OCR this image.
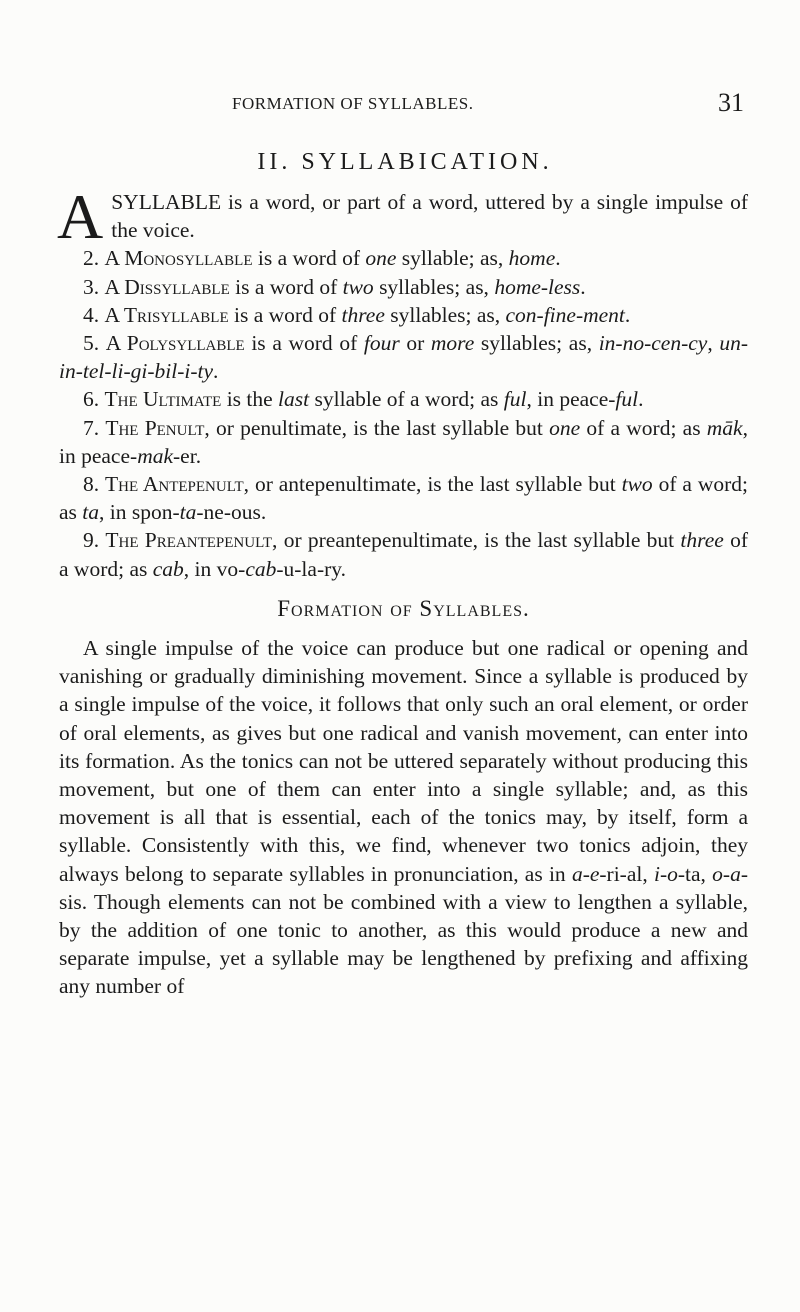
FORMATION OF SYLLABLES.	31
II. SYLLABICATION.

A SYLLABLE is a word, or part of a word, uttered by a single impulse of the voice.

2. A Monosyllable is a word of one syllable; as, home.

3. A Dissyllable is a word of two syllables; as, home-less.

4. A Trisyllable is a word of three syllables; as, con-fine-ment.

5. A Polysyllable is a word of four or more syllables; as, in-no-cen-cy, un-in-tel-li-gi-bil-i-ty.

6. The Ultimate is the last syllable of a word; as ful, in peace-ful.

7. The Penult, or penultimate, is the last syllable but one of a word; as māk, in peace-mak-er.

8. The Antepenult, or antepenultimate, is the last syllable but two of a word; as ta, in spon-ta-ne-ous.

9. The Preantepenult, or preantepenultimate, is the last syllable but three of a word; as cab, in vo-cab-u-la-ry.

Formation of Syllables.

A single impulse of the voice can produce but one radical or opening and vanishing or gradually diminishing movement. Since a syllable is produced by a single impulse of the voice, it follows that only such an oral element, or order of oral elements, as gives but one radical and vanish movement, can enter into its formation. As the tonics can not be uttered separately without producing this movement, but one of them can enter into a single syllable; and, as this movement is all that is essential, each of the tonics may, by itself, form a syllable. Consistently with this, we find, whenever two tonics adjoin, they always belong to separate syllables in pronunciation, as in a-e-ri-al, i-o-ta, o-a-sis. Though elements can not be combined with a view to lengthen a syllable, by the addition of one tonic to another, as this would produce a new and separate impulse, yet a syllable may be lengthened by prefixing and affixing any number of
